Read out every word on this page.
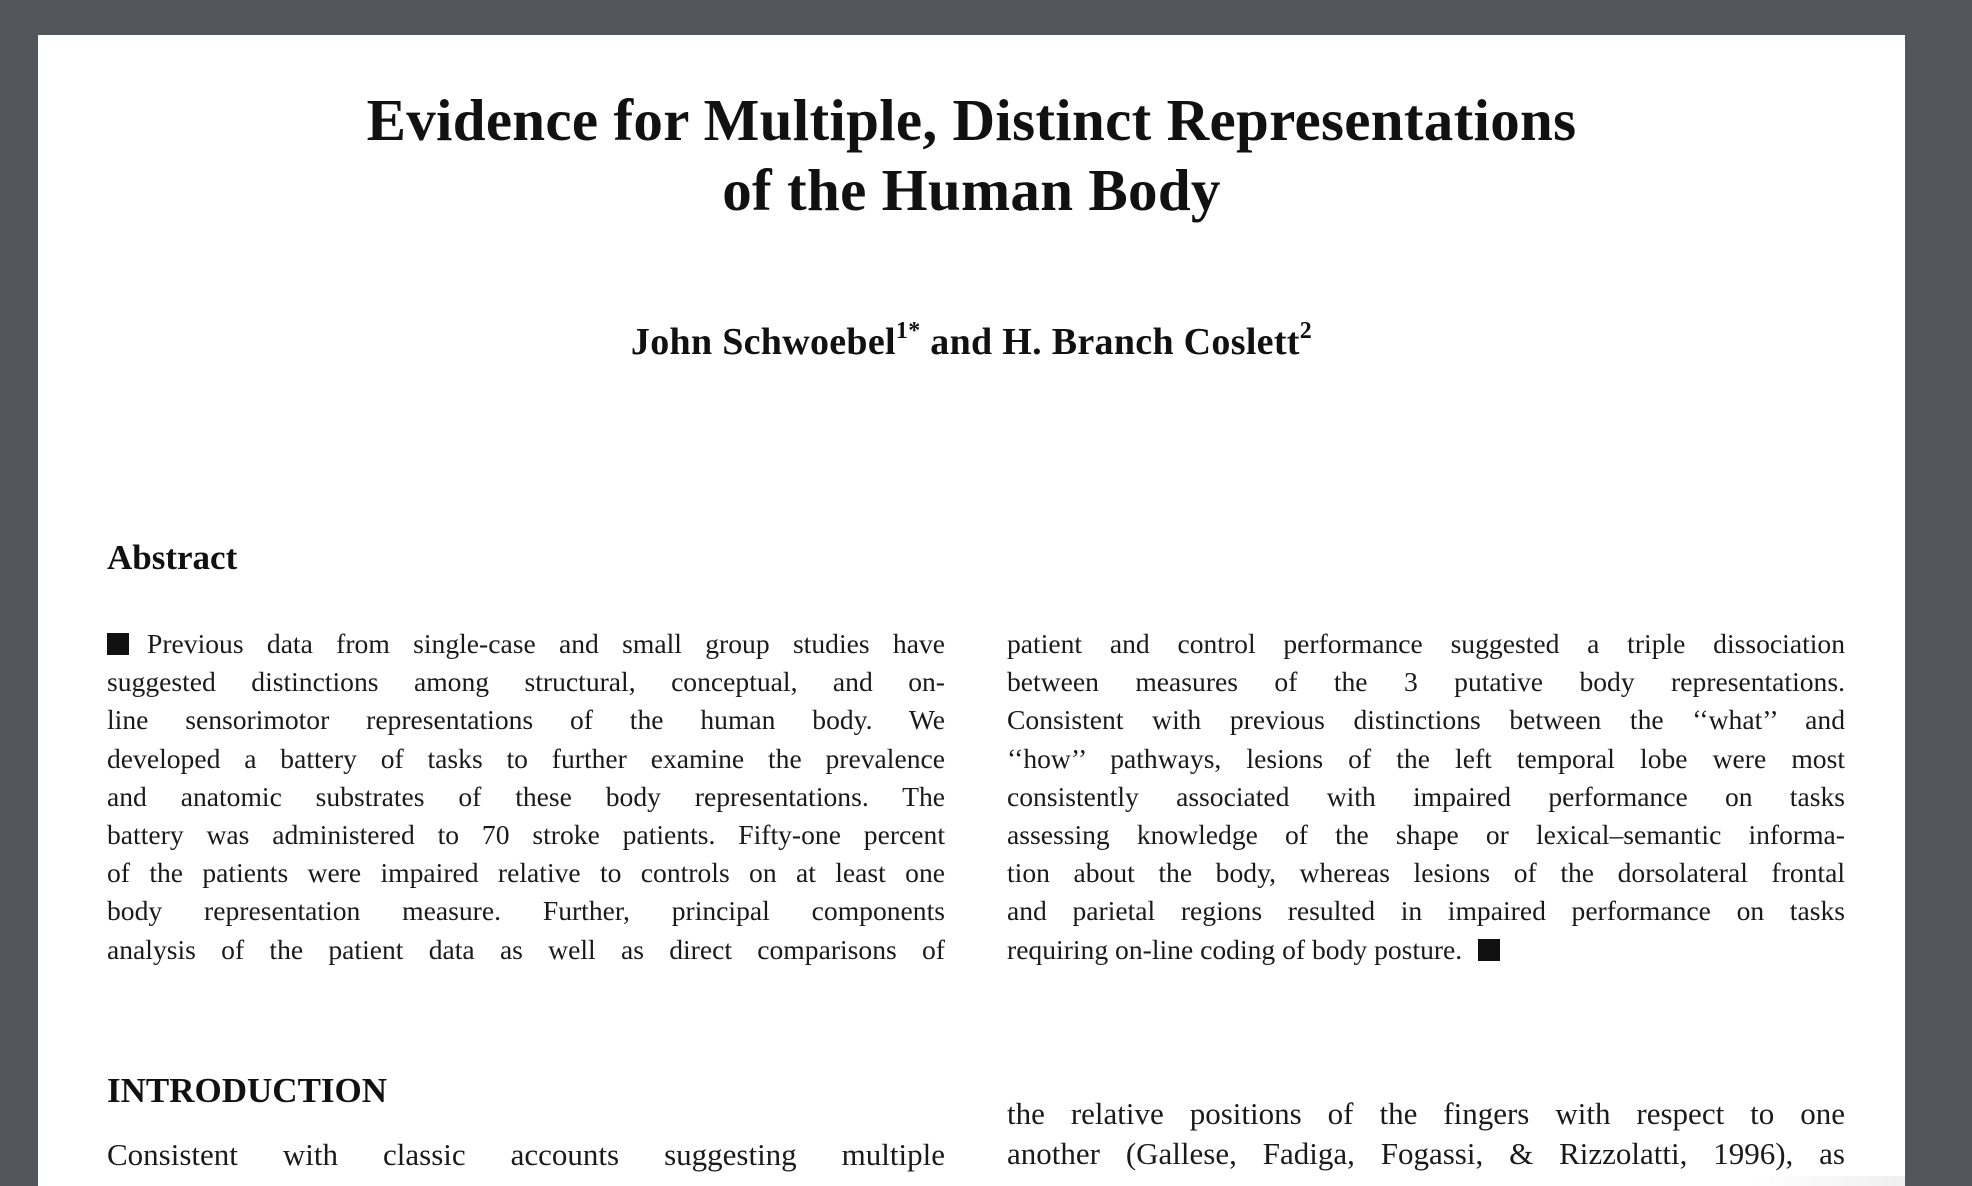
Evidence for Multiple, Distinct Representations
of the Human Body
John Schwoebel$^{1*}$ and H. Branch Coslett$^2$
Abstract
Previous data from single-case and small group studies have
suggested distinctions among structural, conceptual, and on-
line sensorimotor representations of the human body. We
developed a battery of tasks to further examine the prevalence
and anatomic substrates of these body representations. The
battery was administered to 70 stroke patients. Fifty-one percent
of the patients were impaired relative to controls on at least one
body representation measure. Further, principal components
analysis of the patient data as well as direct comparisons of
patient and control performance suggested a triple dissociation
between measures of the 3 putative body representations.
Consistent with previous distinctions between the ‘‘what’’ and
‘‘how’’ pathways, lesions of the left temporal lobe were most
consistently associated with impaired performance on tasks
assessing knowledge of the shape or lexical–semantic informa-
tion about the body, whereas lesions of the dorsolateral frontal
and parietal regions resulted in impaired performance on tasks
requiring on-line coding of body posture.
INTRODUCTION
Consistent with classic accounts suggesting multiple
the relative positions of the fingers with respect to one
another (Gallese, Fadiga, Fogassi, & Rizzolatti, 1996), as
